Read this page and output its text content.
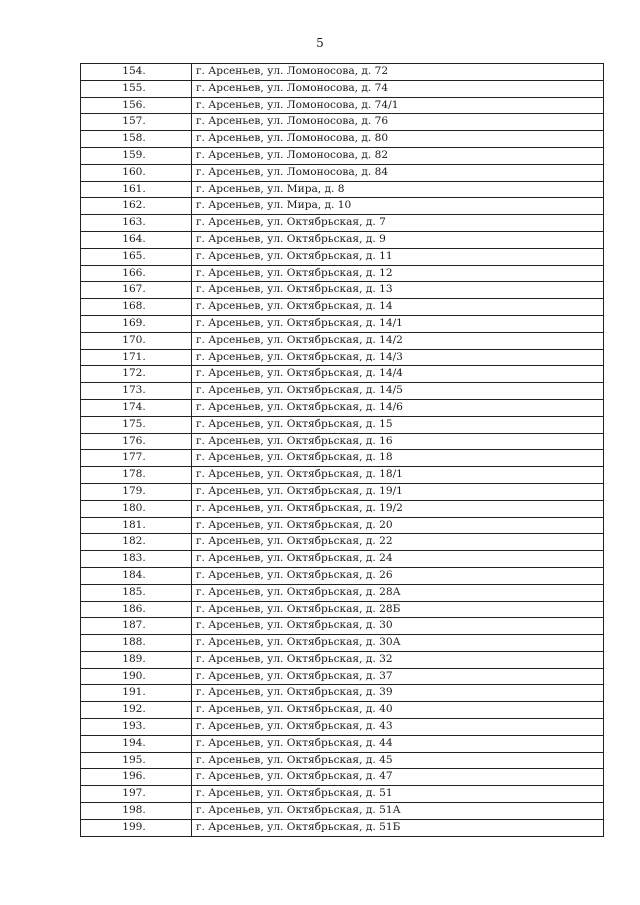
5
154.	г. Арсеньев, ул. Ломоносова, д. 72
155.	г. Арсеньев, ул. Ломоносова, д. 74
156.	г. Арсеньев, ул. Ломоносова, д. 74/1
157.	г. Арсеньев, ул. Ломоносова, д. 76
158.	г. Арсеньев, ул. Ломоносова, д. 80
159.	г. Арсеньев, ул. Ломоносова, д. 82
160.	г. Арсеньев, ул. Ломоносова, д. 84
161.	г. Арсеньев, ул. Мира, д. 8
162.	г. Арсеньев, ул. Мира, д. 10
163.	г. Арсеньев, ул. Октябрьская, д. 7
164.	г. Арсеньев, ул. Октябрьская, д. 9
165.	г. Арсеньев, ул. Октябрьская, д. 11
166.	г. Арсеньев, ул. Октябрьская, д. 12
167.	г. Арсеньев, ул. Октябрьская, д. 13
168.	г. Арсеньев, ул. Октябрьская, д. 14
169.	г. Арсеньев, ул. Октябрьская, д. 14/1
170.	г. Арсеньев, ул. Октябрьская, д. 14/2
171.	г. Арсеньев, ул. Октябрьская, д. 14/3
172.	г. Арсеньев, ул. Октябрьская, д. 14/4
173.	г. Арсеньев, ул. Октябрьская, д. 14/5
174.	г. Арсеньев, ул. Октябрьская, д. 14/6
175.	г. Арсеньев, ул. Октябрьская, д. 15
176.	г. Арсеньев, ул. Октябрьская, д. 16
177.	г. Арсеньев, ул. Октябрьская, д. 18
178.	г. Арсеньев, ул. Октябрьская, д. 18/1
179.	г. Арсеньев, ул. Октябрьская, д. 19/1
180.	г. Арсеньев, ул. Октябрьская, д. 19/2
181.	г. Арсеньев, ул. Октябрьская, д. 20
182.	г. Арсеньев, ул. Октябрьская, д. 22
183.	г. Арсеньев, ул. Октябрьская, д. 24
184.	г. Арсеньев, ул. Октябрьская, д. 26
185.	г. Арсеньев, ул. Октябрьская, д. 28А
186.	г. Арсеньев, ул. Октябрьская, д. 28Б
187.	г. Арсеньев, ул. Октябрьская, д. 30
188.	г. Арсеньев, ул. Октябрьская, д. 30А
189.	г. Арсеньев, ул. Октябрьская, д. 32
190.	г. Арсеньев, ул. Октябрьская, д. 37
191.	г. Арсеньев, ул. Октябрьская, д. 39
192.	г. Арсеньев, ул. Октябрьская, д. 40
193.	г. Арсеньев, ул. Октябрьская, д. 43
194.	г. Арсеньев, ул. Октябрьская, д. 44
195.	г. Арсеньев, ул. Октябрьская, д. 45
196.	г. Арсеньев, ул. Октябрьская, д. 47
197.	г. Арсеньев, ул. Октябрьская, д. 51
198.	г. Арсеньев, ул. Октябрьская, д. 51А
199.	г. Арсеньев, ул. Октябрьская, д. 51Б
